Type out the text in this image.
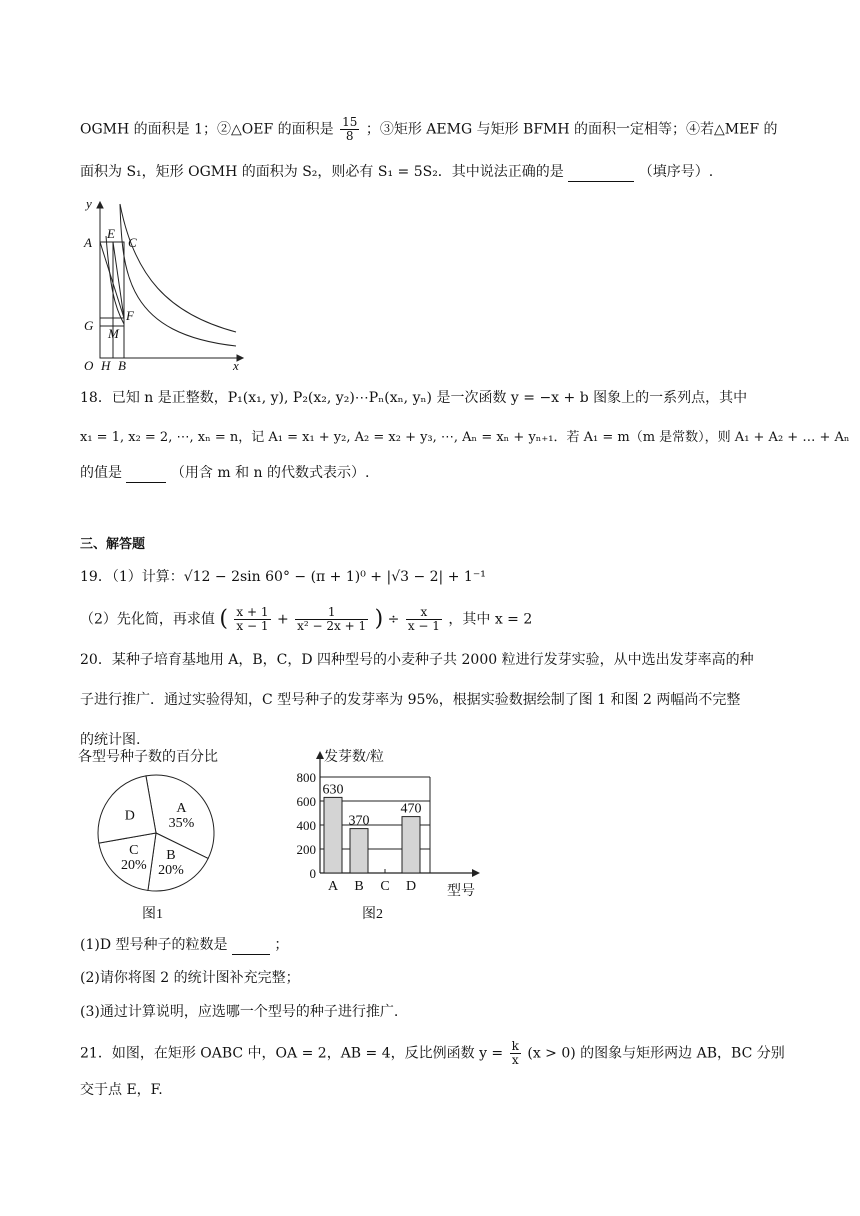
OGMH 的面积是 1；②△OEF 的面积是 $\frac{15}{8}$ ；③矩形 AEMG 与矩形 BFMH 的面积一定相等；④若△MEF 的
面积为 S₁，矩形 OGMH 的面积为 S₂，则必有 S₁ = 5S₂．其中说法正确的是	（填序号）.
y
x
A
E
C
G
M
F
O H B
18．已知 n 是正整数，P₁(x₁, y), P₂(x₂, y₂)⋯Pₙ(xₙ, yₙ) 是一次函数 y = −x + b 图象上的一系列点，其中
x₁ = 1, x₂ = 2, ⋯, xₙ = n，记 A₁ = x₁ + y₂, A₂ = x₂ + y₃, ⋯, Aₙ = xₙ + yₙ₊₁．若 A₁ = m（m 是常数），则 A₁ + A₂ + … + Aₙ
的值是	（用含 m 和 n 的代数式表示）.
三、解答题
19．（1）计算：√12 − 2sin 60° − (π + 1)⁰ + |√3 − 2| + 1⁻¹
（2）先化简，再求值 ( $\frac{x + 1}{x - 1} + \frac{1}{\text{x² − 2x + 1}}$ ) ÷ $\frac{x}{x - 1}$ ，其中 x = 2
20．某种子培育基地用 A，B，C，D 四种型号的小麦种子共 2000 粒进行发芽实验，从中选出发芽率高的种
子进行推广．通过实验得知，C 型号种子的发芽率为 95%，根据实验数据绘制了图 1 和图 2 两幅尚不完整
的统计图.
各型号种子数的百分比
A
35%
B
20%
C
20%
D
图1
发芽数/粒
630
370
470
0
200
400
600
800
A B C D 型号
图2
(1)D 型号种子的粒数是	；
(2)请你将图 2 的统计图补充完整；
(3)通过计算说明，应选哪一个型号的种子进行推广.
21．如图，在矩形 OABC 中，OA = 2，AB = 4，反比例函数 $y = \frac{k}{x} (x > 0)$ 的图象与矩形两边 AB，BC 分别
交于点 E，F.
